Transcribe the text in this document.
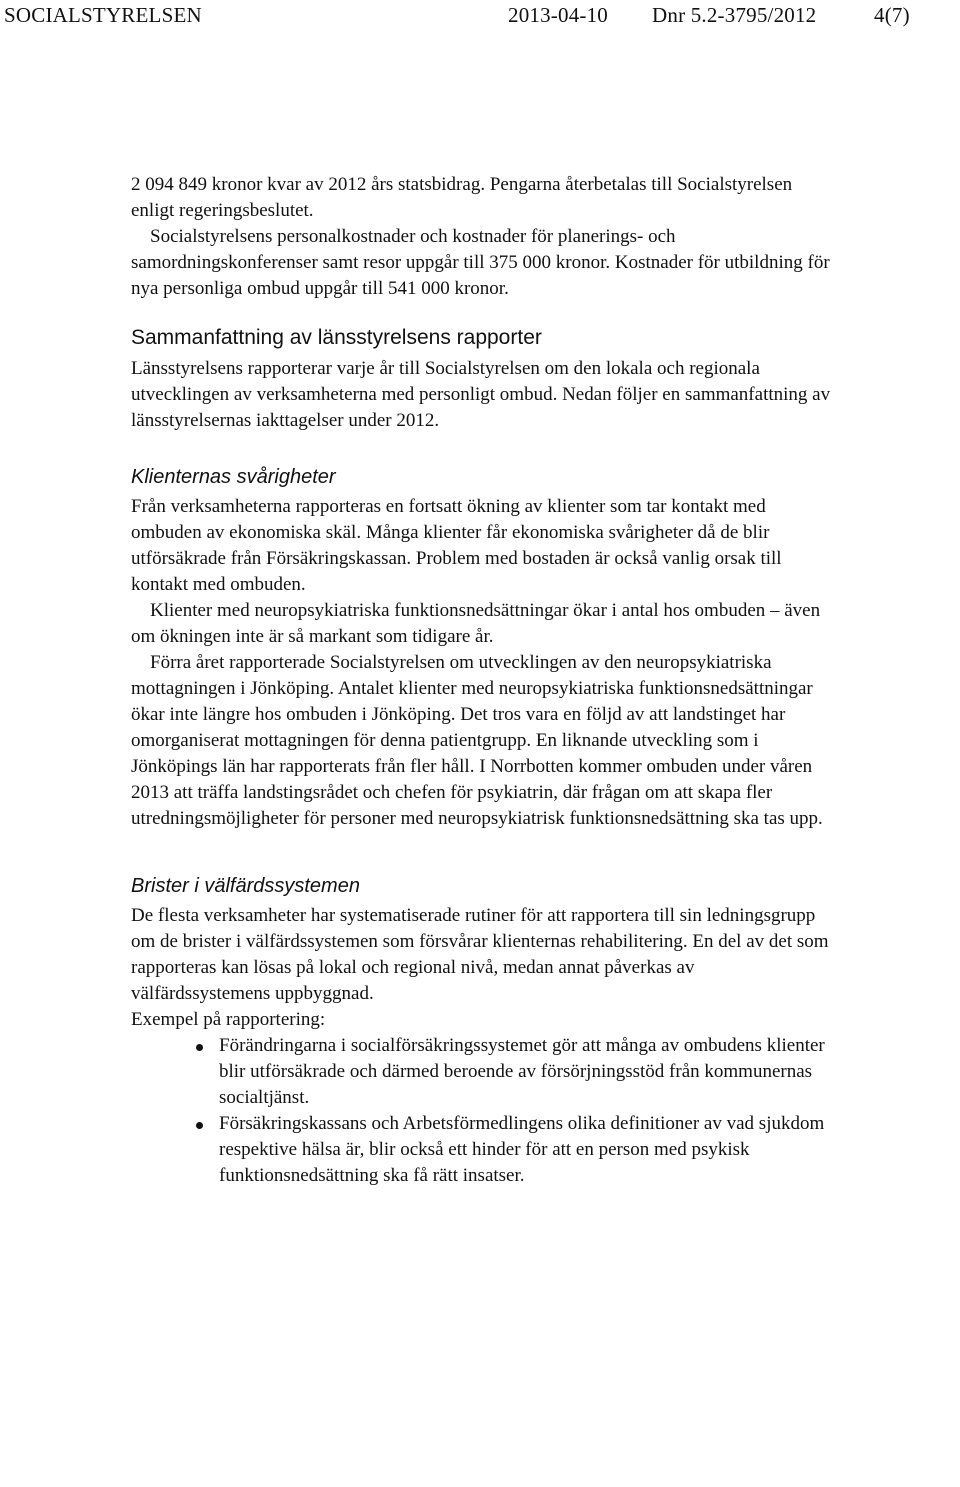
SOCIALSTYRELSEN	2013-04-10 Dnr 5.2-3795/2012	4(7)

2 094 849 kronor kvar av 2012 års statsbidrag. Pengarna återbetalas till Socialstyrelsen enligt regeringsbeslutet.

Socialstyrelsens personalkostnader och kostnader för planerings- och samordningskonferenser samt resor uppgår till 375 000 kronor. Kostnader för utbildning för nya personliga ombud uppgår till 541 000 kronor.

Sammanfattning av länsstyrelsens rapporter

Länsstyrelsens rapporterar varje år till Socialstyrelsen om den lokala och regionala utvecklingen av verksamheterna med personligt ombud. Nedan följer en sammanfattning av länsstyrelsernas iakttagelser under 2012.

Klienternas svårigheter

Från verksamheterna rapporteras en fortsatt ökning av klienter som tar kontakt med ombuden av ekonomiska skäl. Många klienter får ekonomiska svårigheter då de blir utförsäkrade från Försäkringskassan. Problem med bostaden är också vanlig orsak till kontakt med ombuden.

Klienter med neuropsykiatriska funktionsnedsättningar ökar i antal hos ombuden – även om ökningen inte är så markant som tidigare år.

Förra året rapporterade Socialstyrelsen om utvecklingen av den neuropsykiatriska mottagningen i Jönköping. Antalet klienter med neuropsykiatriska funktionsnedsättningar ökar inte längre hos ombuden i Jönköping. Det tros vara en följd av att landstinget har omorganiserat mottagningen för denna patientgrupp. En liknande utveckling som i Jönköpings län har rapporterats från fler håll. I Norrbotten kommer ombuden under våren 2013 att träffa landstingsrådet och chefen för psykiatrin, där frågan om att skapa fler utredningsmöjligheter för personer med neuropsykiatrisk funktionsnedsättning ska tas upp.

Brister i välfärdssystemen

De flesta verksamheter har systematiserade rutiner för att rapportera till sin ledningsgrupp om de brister i välfärdssystemen som försvårar klienternas rehabilitering. En del av det som rapporteras kan lösas på lokal och regional nivå, medan annat påverkas av välfärdssystemens uppbyggnad.

Exempel på rapportering:

Förändringarna i socialförsäkringssystemet gör att många av ombudens klienter blir utförsäkrade och därmed beroende av försörjningsstöd från kommunernas socialtjänst.
Försäkringskassans och Arbetsförmedlingens olika definitioner av vad sjukdom respektive hälsa är, blir också ett hinder för att en person med psykisk funktionsnedsättning ska få rätt insatser.
